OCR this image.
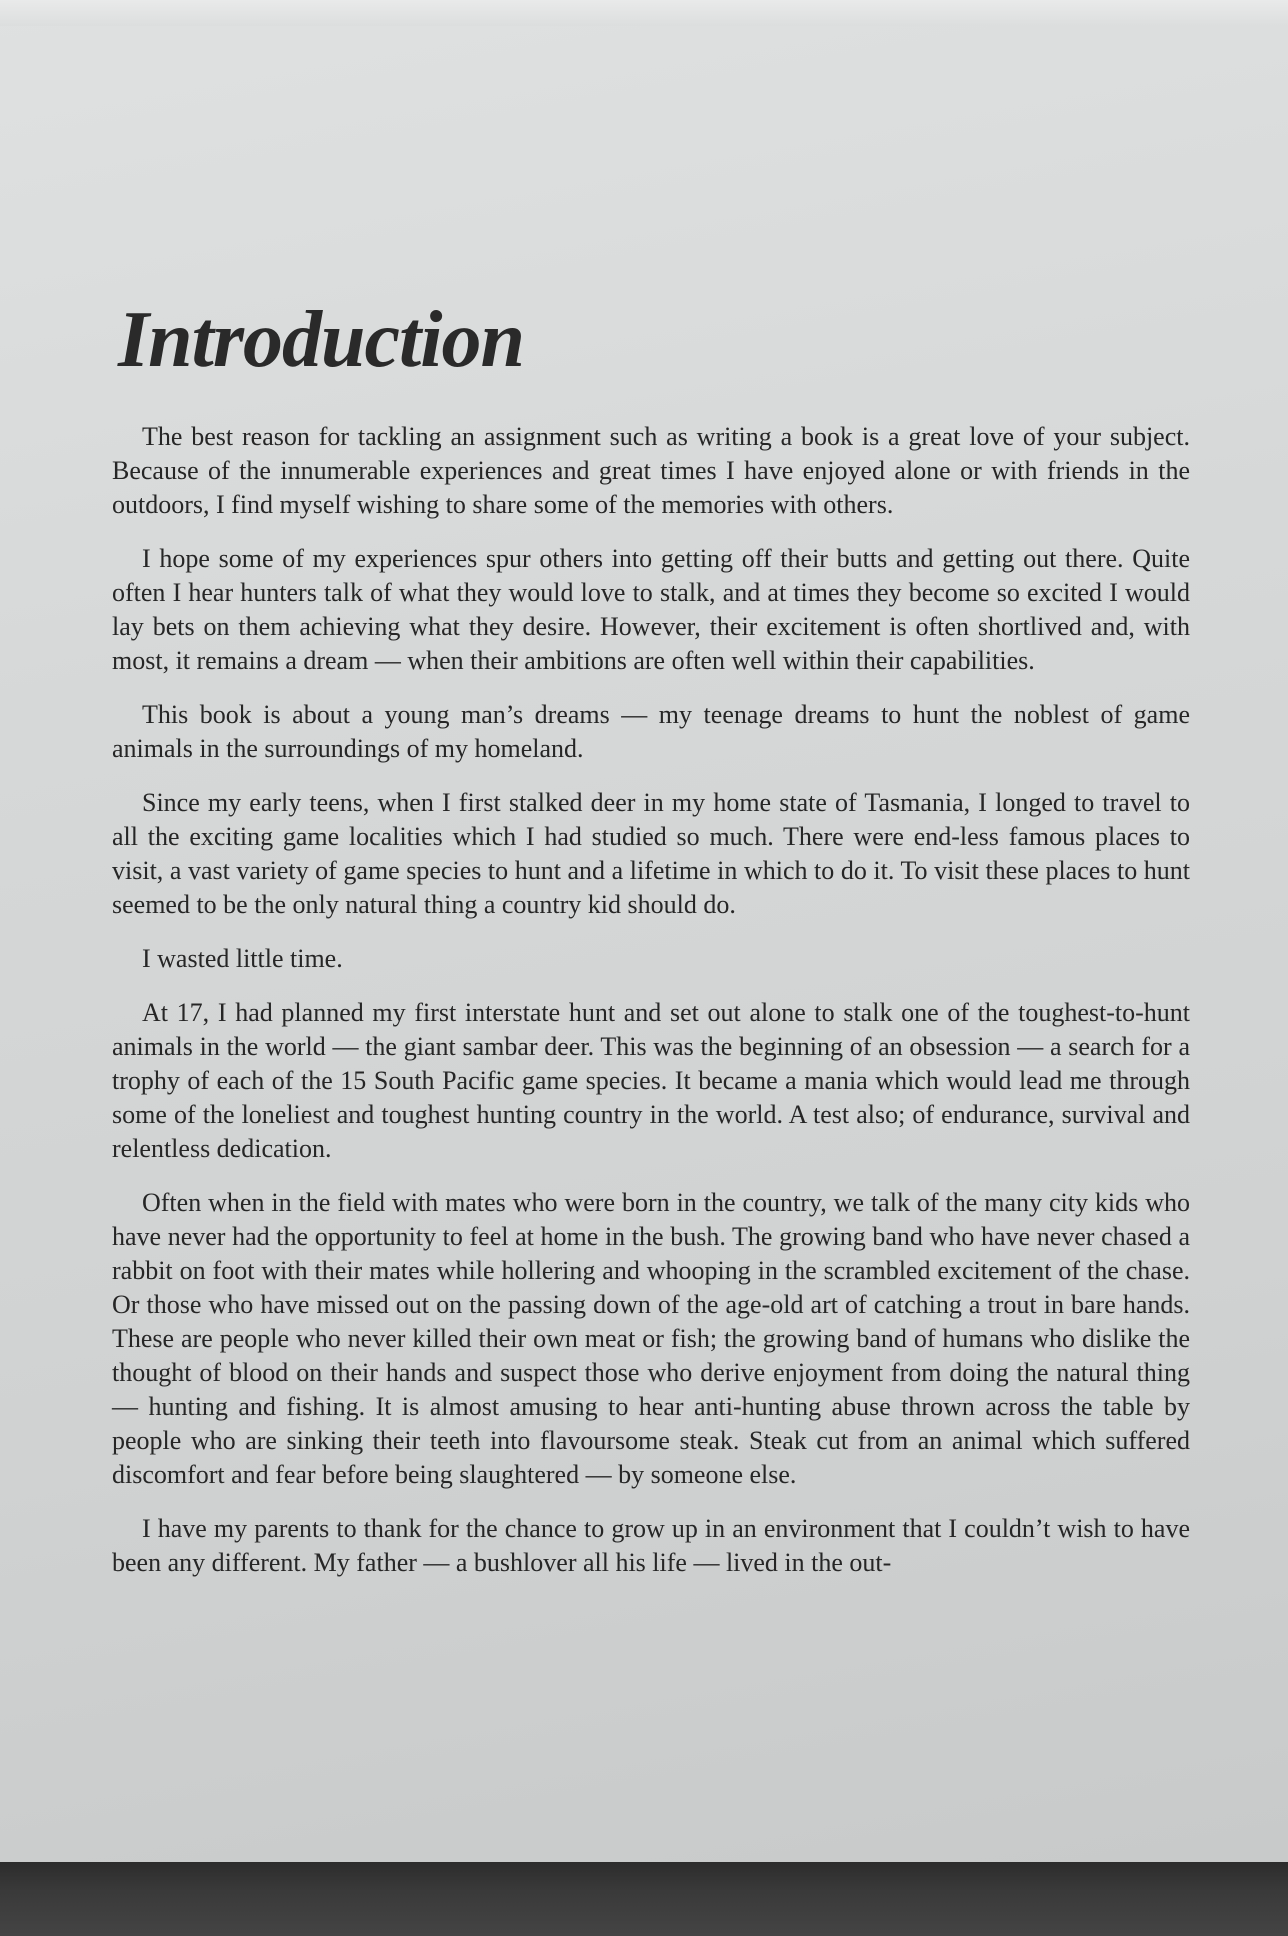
Introduction

The best reason for tackling an assignment such as writing a book is a great love of your subject. Because of the innumerable experiences and great times I have enjoyed alone or with friends in the outdoors, I find myself wishing to share some of the memories with others.

I hope some of my experiences spur others into getting off their butts and getting out there. Quite often I hear hunters talk of what they would love to stalk, and at times they become so excited I would lay bets on them achieving what they desire. However, their excitement is often shortlived and, with most, it remains a dream — when their ambitions are often well within their capabilities.

This book is about a young man’s dreams — my teenage dreams to hunt the noblest of game animals in the surroundings of my homeland.

Since my early teens, when I first stalked deer in my home state of Tasmania, I longed to travel to all the exciting game localities which I had studied so much. There were end-less famous places to visit, a vast variety of game species to hunt and a lifetime in which to do it. To visit these places to hunt seemed to be the only natural thing a country kid should do.

I wasted little time.

At 17, I had planned my first interstate hunt and set out alone to stalk one of the toughest-to-hunt animals in the world — the giant sambar deer. This was the beginning of an obsession — a search for a trophy of each of the 15 South Pacific game species. It became a mania which would lead me through some of the loneliest and toughest hunting country in the world. A test also; of endurance, survival and relentless dedication.

Often when in the field with mates who were born in the country, we talk of the many city kids who have never had the opportunity to feel at home in the bush. The growing band who have never chased a rabbit on foot with their mates while hollering and whooping in the scrambled excitement of the chase. Or those who have missed out on the passing down of the age-old art of catching a trout in bare hands. These are people who never killed their own meat or fish; the growing band of humans who dislike the thought of blood on their hands and suspect those who derive enjoyment from doing the natural thing — hunting and fishing. It is almost amusing to hear anti-hunting abuse thrown across the table by people who are sinking their teeth into flavoursome steak. Steak cut from an animal which suffered discomfort and fear before being slaughtered — by someone else.

I have my parents to thank for the chance to grow up in an environment that I couldn’t wish to have been any different. My father — a bushlover all his life — lived in the out-
